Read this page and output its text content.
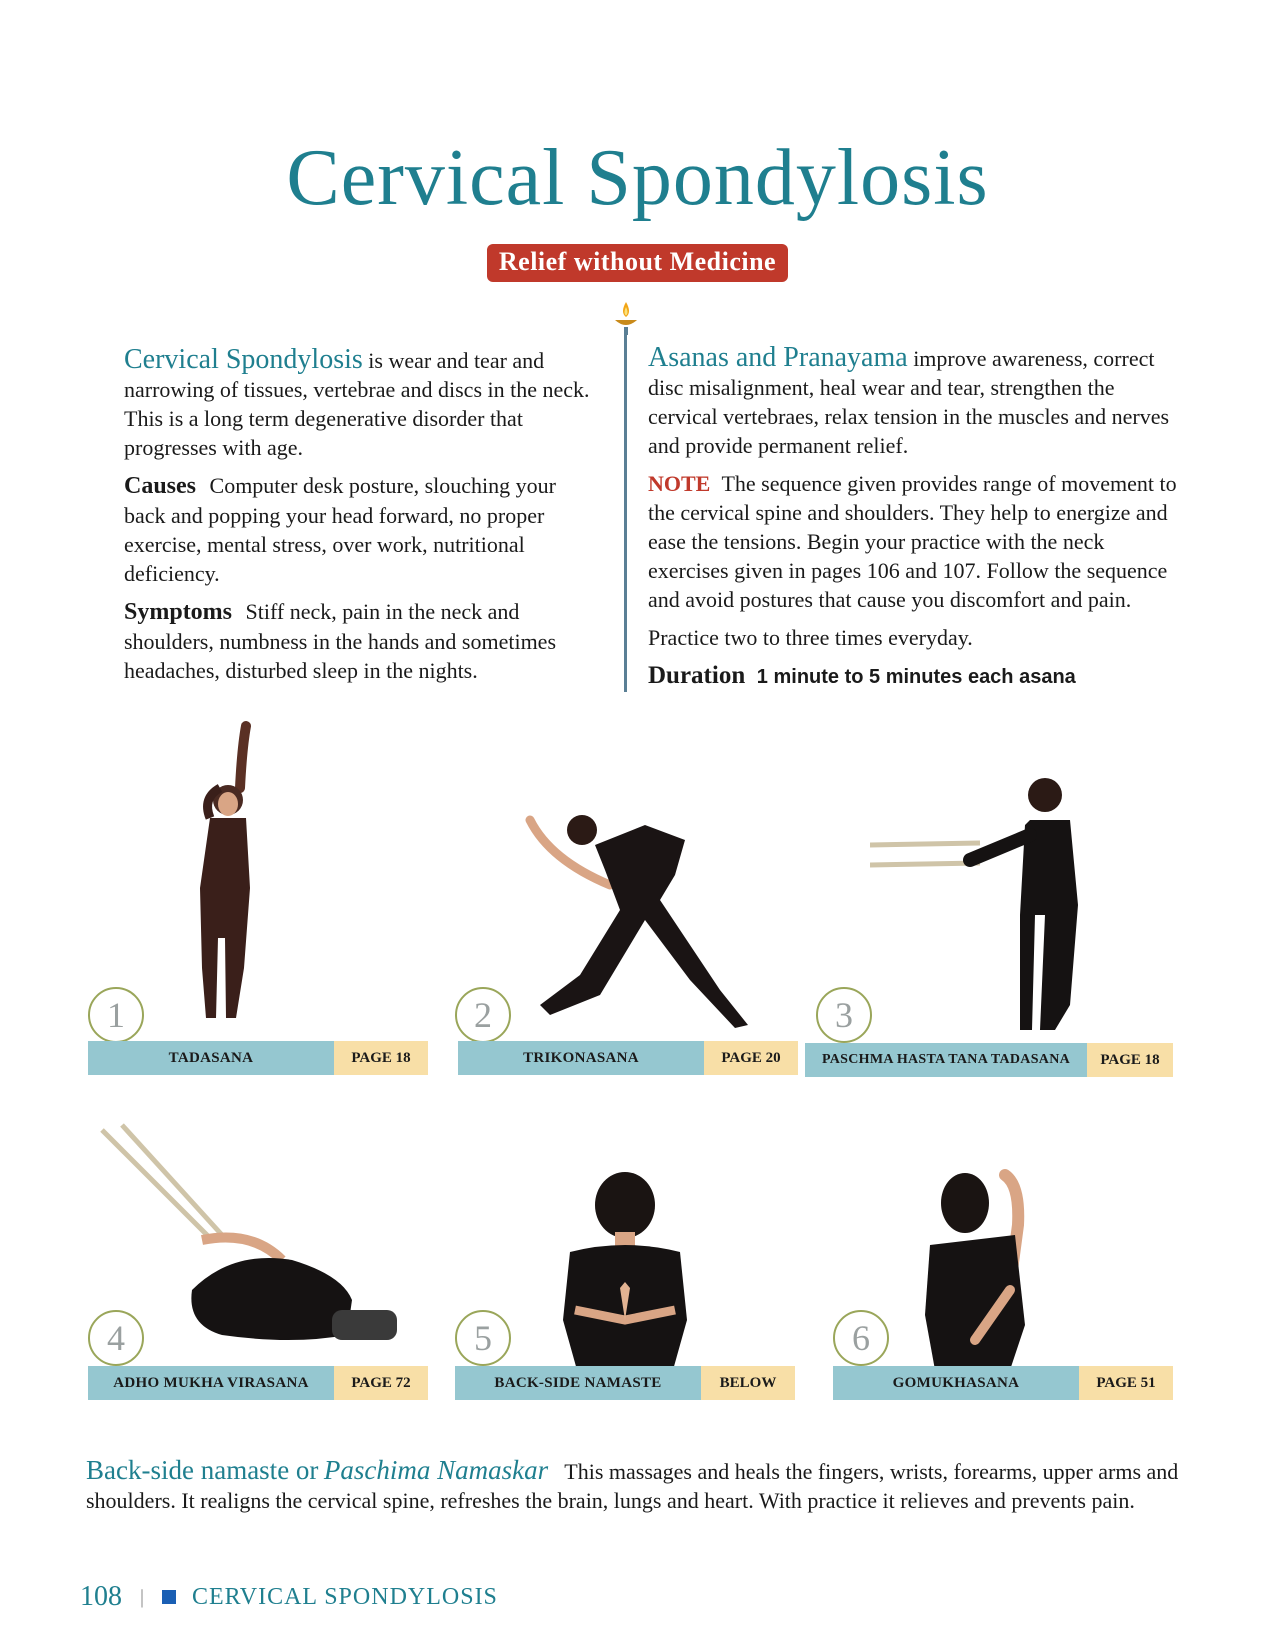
Cervical Spondylosis
Relief without Medicine

Cervical Spondylosis is wear and tear and narrowing of tissues, vertebrae and discs in the neck. This is a long term degenerative disorder that progresses with age.

Causes Computer desk posture, slouching your back and popping your head forward, no proper exercise, mental stress, over work, nutritional deficiency.

Symptoms Stiff neck, pain in the neck and shoulders, numbness in the hands and sometimes headaches, disturbed sleep in the nights.

Asanas and Pranayama improve awareness, correct disc misalignment, heal wear and tear, strengthen the cervical vertebraes, relax tension in the muscles and nerves and provide permanent relief.

NOTE The sequence given provides range of movement to the cervical spine and shoulders. They help to energize and ease the tensions. Begin your practice with the neck exercises given in pages 106 and 107. Follow the sequence and avoid postures that cause you discomfort and pain.

Practice two to three times everyday.

Duration 1 minute to 5 minutes each asana

1	2	3
4	5	6
TADASANA	PAGE 18	TRIKONASANA	PAGE 20	PASCHMA HASTA TANA TADASANA	PAGE 18
ADHO MUKHA VIRASANA	PAGE 72	BACK-SIDE NAMASTE	BELOW	GOMUKHASANA	PAGE 51
Back-side namaste or Paschima Namaskar This massages and heals the fingers, wrists, forearms, upper arms and shoulders. It realigns the cervical spine, refreshes the brain, lungs and heart. With practice it relieves and prevents pain.
108 | CERVICAL SPONDYLOSIS
